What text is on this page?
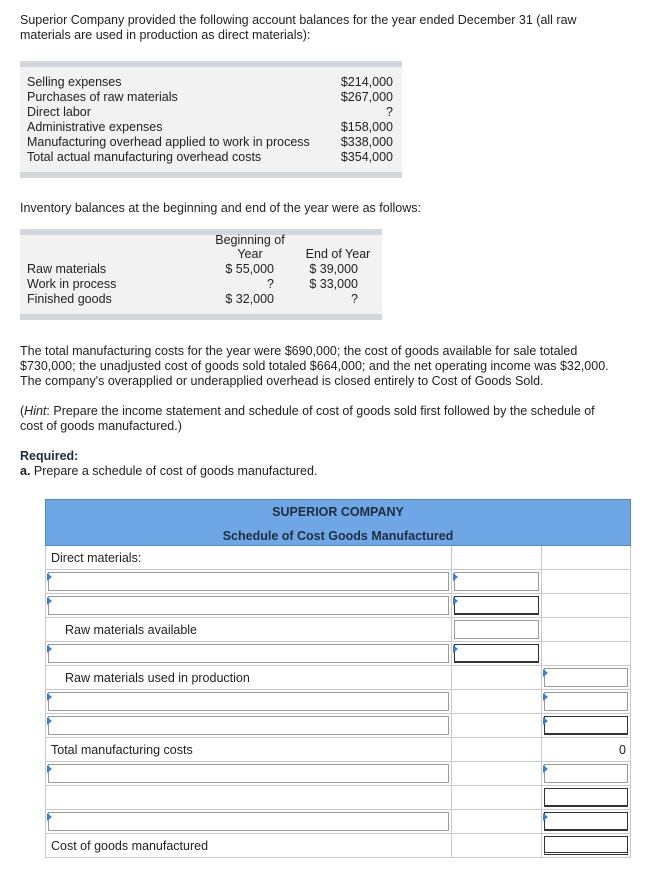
Superior Company provided the following account balances for the year ended December 31 (all raw
materials are used in production as direct materials):
Selling expenses	$214,000
Purchases of raw materials	$267,000
Direct labor	?
Administrative expenses	$158,000
Manufacturing overhead applied to work in process	$338,000
Total actual manufacturing overhead costs	$354,000
Inventory balances at the beginning and end of the year were as follows:
Beginning of
Year	End of Year
Raw materials	$ 55,000	$ 39,000
Work in process	?	$ 33,000
Finished goods	$ 32,000	?
The total manufacturing costs for the year were $690,000; the cost of goods available for sale totaled
$730,000; the unadjusted cost of goods sold totaled $664,000; and the net operating income was $32,000.
The company's overapplied or underapplied overhead is closed entirely to Cost of Goods Sold.
(Hint: Prepare the income statement and schedule of cost of goods sold first followed by the schedule of
cost of goods manufactured.)
Required:
a. Prepare a schedule of cost of goods manufactured.
SUPERIOR COMPANY
Schedule of Cost Goods Manufactured
Direct materials:
Raw materials available
Raw materials used in production
Total manufacturing costs	0
Cost of goods manufactured
